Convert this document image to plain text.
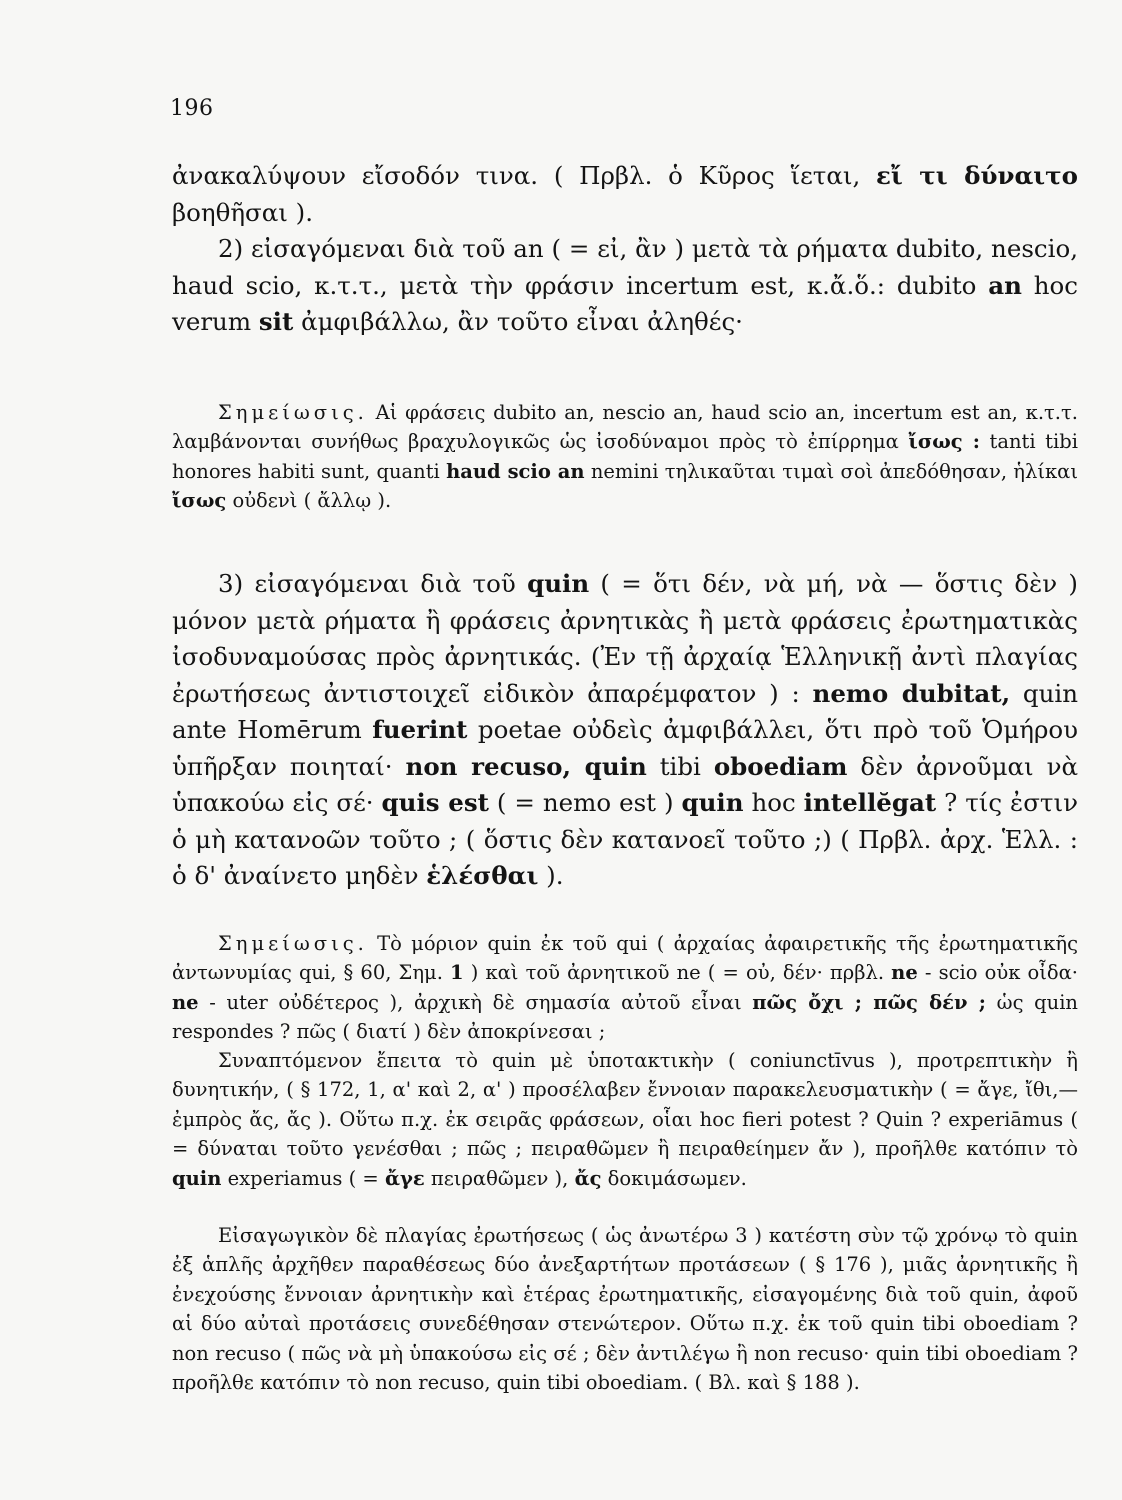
196

ἀνακαλύψουν εἴσοδόν τινα. ( Πρβλ. ὁ Κῦρος ἵεται, εἴ τι δύναιτο βοηθῆσαι ).

2) εἰσαγόμεναι διὰ τοῦ an ( = εἰ, ἂν ) μετὰ τὰ ρήματα dubito, nescio, haud scio, κ.τ.τ., μετὰ τὴν φράσιν incertum est, κ.ἄ.ὅ.: dubito an hoc verum sit ἀμφιβάλλω, ἂν τοῦτο εἶναι ἀληθές·

Σημείωσις. Αἱ φράσεις dubito an, nescio an, haud scio an, incertum est an, κ.τ.τ. λαμβάνονται συνήθως βραχυλογικῶς ὡς ἰσοδύναμοι πρὸς τὸ ἐπίρρημα ἴσως : tanti tibi honores habiti sunt, quanti haud scio an nemini τηλικαῦται τιμαὶ σοὶ ἀπεδόθησαν, ἡλίκαι ἴσως οὐδενὶ ( ἄλλῳ ).

3) εἰσαγόμεναι διὰ τοῦ quin ( = ὅτι δέν, νὰ μή, νὰ — ὅστις δὲν ) μόνον μετὰ ρήματα ἢ φράσεις ἀρνητικὰς ἢ μετὰ φράσεις ἐρωτηματικὰς ἰσοδυναμούσας πρὸς ἀρνητικάς. (Ἐν τῇ ἀρχαίᾳ Ἑλληνικῇ ἀντὶ πλαγίας ἐρωτήσεως ἀντιστοιχεῖ εἰδικὸν ἀπαρέμφατον ) : nemo dubitat, quin ante Homērum fuerint poetae οὐδεὶς ἀμφιβάλλει, ὅτι πρὸ τοῦ Ὁμήρου ὑπῆρξαν ποιηταί· non recuso, quin tibi oboediam δὲν ἀρνοῦμαι νὰ ὑπακούω εἰς σέ· quis est ( = nemo est ) quin hoc intellĕgat ? τίς ἐστιν ὁ μὴ κατανοῶν τοῦτο ; ( ὅστις δὲν κατανοεῖ τοῦτο ;) ( Πρβλ. ἀρχ. Ἑλλ. : ὁ δ' ἀναίνετο μηδὲν ἑλέσθαι ).

Σημείωσις. Τὸ μόριον quin ἐκ τοῦ qui ( ἀρχαίας ἀφαιρετικῆς τῆς ἐρωτηματικῆς ἀντωνυμίας qui, § 60, Σημ. 1 ) καὶ τοῦ ἀρνητικοῦ ne ( = οὐ, δέν· πρβλ. ne - scio οὐκ οἶδα· ne - uter οὐδέτερος ), ἀρχικὴ δὲ σημασία αὐτοῦ εἶναι πῶς ὄχι ; πῶς δέν ; ὡς quin respondes ? πῶς ( διατί ) δὲν ἀποκρίνεσαι ;

Συναπτόμενον ἔπειτα τὸ quin μὲ ὑποτακτικὴν ( coniunctīvus ), προτρεπτικὴν ἢ δυνητικήν, ( § 172, 1, α' καὶ 2, α' ) προσέλαβεν ἔννοιαν παρακελευσματικὴν ( = ἄγε, ἴθι,— ἐμπρὸς ἄς, ἄς ). Οὕτω π.χ. ἐκ σειρᾶς φράσεων, οἷαι hoc fieri potest ? Quin ? experiāmus ( = δύναται τοῦτο γενέσθαι ; πῶς ; πειραθῶμεν ἢ πειραθείημεν ἄν ), προῆλθε κατόπιν τὸ quin experiamus ( = ἄγε πειραθῶμεν ), ἄς δοκιμάσωμεν.

Εἰσαγωγικὸν δὲ πλαγίας ἐρωτήσεως ( ὡς ἀνωτέρω 3 ) κατέστη σὺν τῷ χρόνῳ τὸ quin ἐξ ἁπλῆς ἀρχῆθεν παραθέσεως δύο ἀνεξαρτήτων προτάσεων ( § 176 ), μιᾶς ἀρνητικῆς ἢ ἐνεχούσης ἔννοιαν ἀρνητικὴν καὶ ἑτέρας ἐρωτηματικῆς, εἰσαγομένης διὰ τοῦ quin, ἀφοῦ αἱ δύο αὐταὶ προτάσεις συνεδέθησαν στενώτερον. Οὕτω π.χ. ἐκ τοῦ quin tibi oboediam ? non recuso ( πῶς νὰ μὴ ὑπακούσω εἰς σέ ; δὲν ἀντιλέγω ἢ non recuso· quin tibi oboediam ? προῆλθε κατόπιν τὸ non recuso, quin tibi oboediam. ( Βλ. καὶ § 188 ).
